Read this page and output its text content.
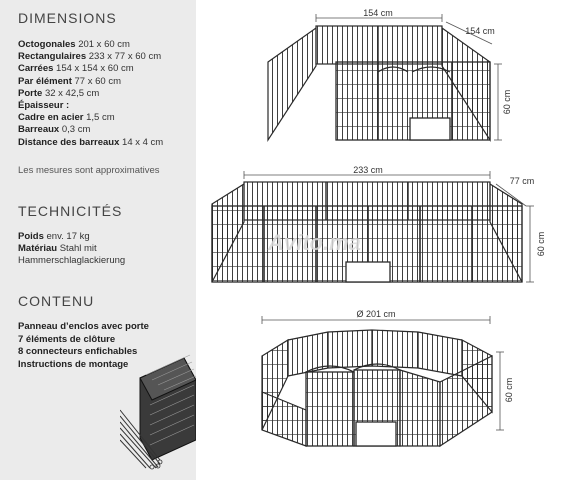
DIMENSIONS
Octogonales 201 x 60 cm
Rectangulaires 233 x 77 x 60 cm
Carrées 154 x 154 x 60 cm
Par élément 77 x 60 cm
Porte 32 x 42,5 cm
Épaisseur :
Cadre en acier 1,5 cm
Barreaux 0,3 cm
Distance des barreaux 14 x 4 cm
Les mesures sont approximatives
TECHNICITÉS
Poids env. 17 kg
Matériau Stahl mit Hammerschlaglackierung
CONTENU
Panneau d’enclos avec porte
7 éléments de clôture
8 connecteurs enfichables
Instructions de montage
154 cm
154 cm
60 cm
233 cm
77 cm
60 cm
Avito.ma
Ø 201 cm
60 cm
